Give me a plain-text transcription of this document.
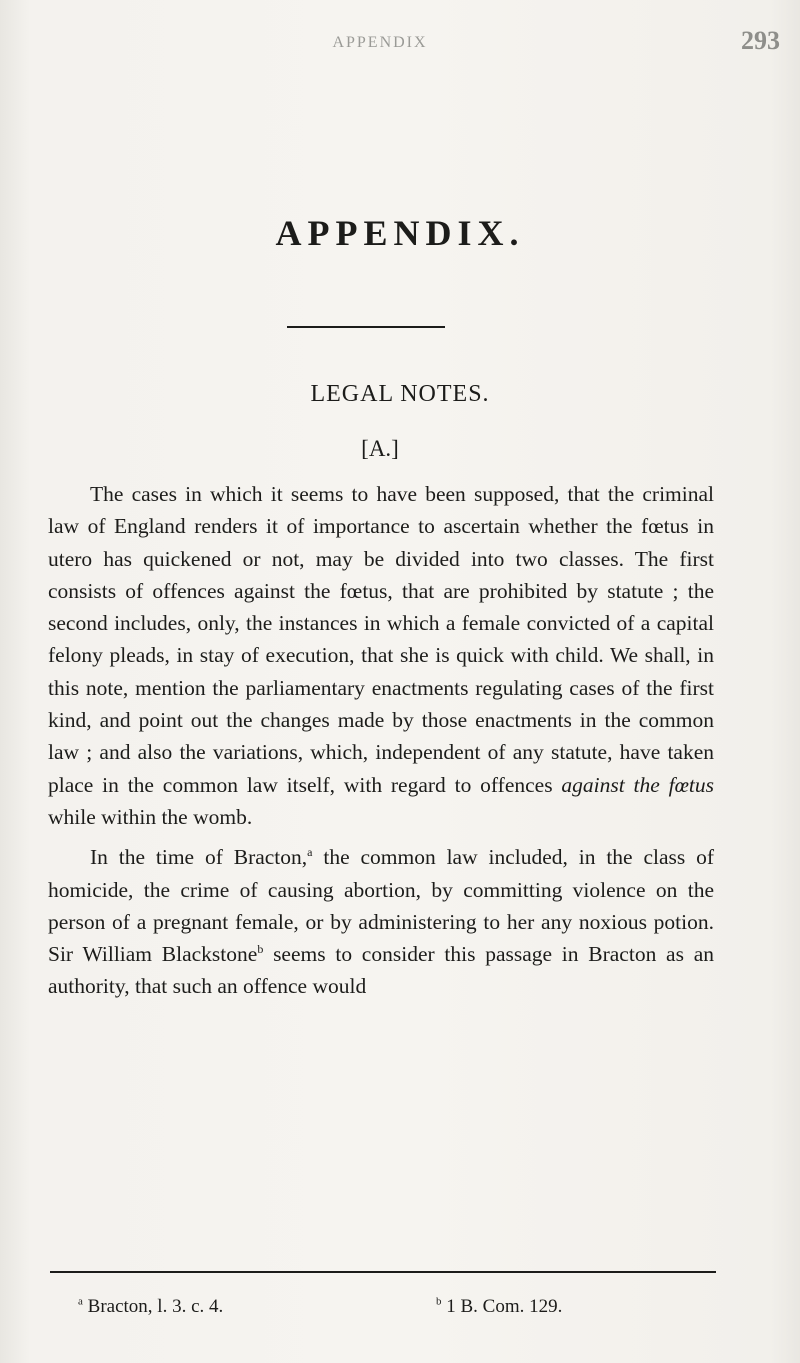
APPENDIX	293
APPENDIX.
LEGAL NOTES.
[A.]

The cases in which it seems to have been supposed, that the criminal law of England renders it of importance to ascertain whether the fœtus in utero has quickened or not, may be divided into two classes. The first consists of offences against the fœtus, that are prohibited by statute ; the second includes, only, the instances in which a female convicted of a capital felony pleads, in stay of execution, that she is quick with child. We shall, in this note, mention the parliamentary enactments regulating cases of the first kind, and point out the changes made by those enactments in the common law ; and also the variations, which, independent of any statute, have taken place in the common law itself, with regard to offences against the fœtus while within the womb.

In the time of Bracton,$^a$ the common law included, in the class of homicide, the crime of causing abortion, by committing violence on the person of a pregnant female, or by administering to her any noxious potion. Sir William Blackstone$^b$ seems to consider this passage in Bracton as an authority, that such an offence would

$^a$ Bracton, l. 3. c. 4.	$^b$ 1 B. Com. 129.
